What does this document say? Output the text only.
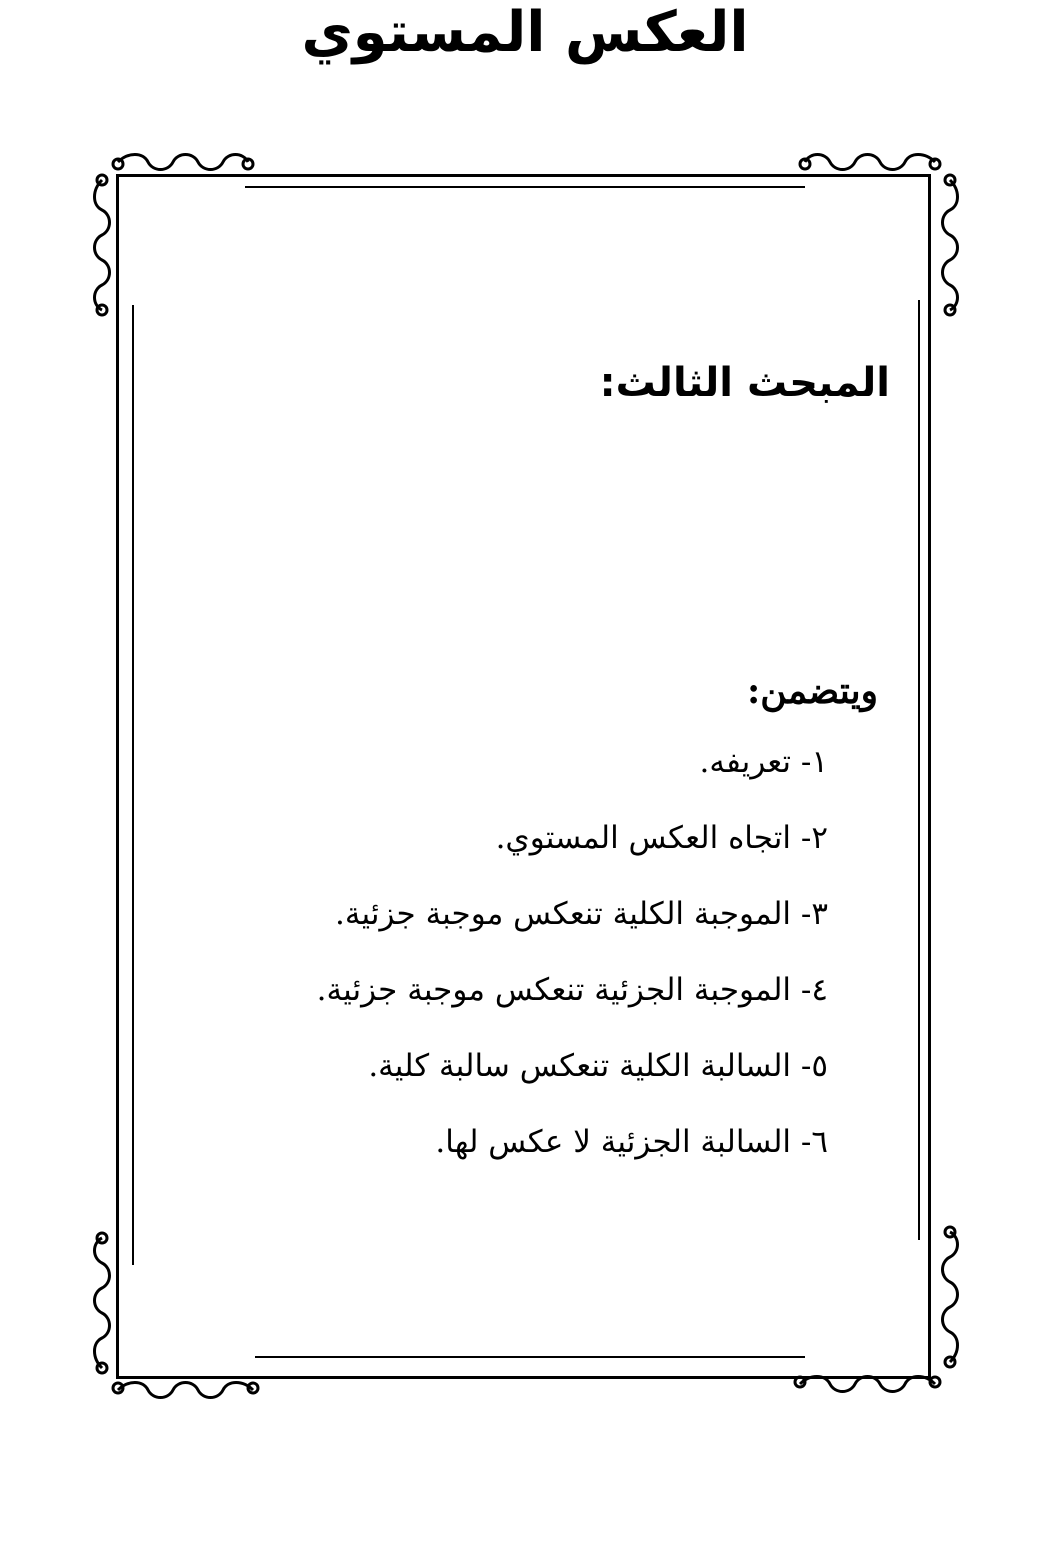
المبحث الثالث:
العكس المستوي
ويتضمن:
١- تعريفه.
٢- اتجاه العكس المستوي.
٣- الموجبة الكلية تنعكس موجبة جزئية.
٤- الموجبة الجزئية تنعكس موجبة جزئية.
٥- السالبة الكلية تنعكس سالبة كلية.
٦- السالبة الجزئية لا عكس لها.
